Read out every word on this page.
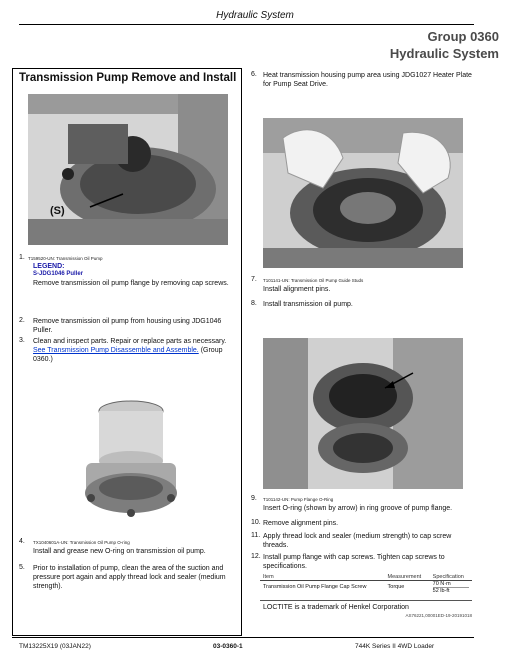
Hydraulic System
Group 0360
Hydraulic System
Transmission Pump Remove and Install
(S)
T159520-UN: Transmission Oil Pump
LEGEND:
S-JDG1046 Puller
1.
Remove transmission oil pump flange by removing cap screws.
2. Remove transmission oil pump from housing using JDG1046 Puller.
3. Clean and inspect parts. Repair or replace parts as necessary. See Transmission Pump Disassemble and Assemble. (Group 0360.)
TX1040601A-UN: Transmission Oil Pump O-ring
4.
Install and grease new O-ring on transmission oil pump.
5. Prior to installation of pump, clean the area of the suction and pressure port again and apply thread lock and sealer (medium strength).
6. Heat transmission housing pump area using JDG1027 Heater Plate for Pump Seat Drive.
T101141-UN: Transmission Oil Pump Guide Studs
7.
Install alignment pins.
8. Install transmission oil pump.
T101142-UN: Pump Flange O-Ring
9.
Insert O-ring (shown by arrow) in ring groove of pump flange.
10. Remove alignment pins.
11. Apply thread lock and sealer (medium strength) to cap screw threads.
12. Install pump flange with cap screws. Tighten cap screws to specifications.
Item	Measurement	Specification
Transmission Oil Pump Flange Cap Screw	Torque	70 N·m
52 lb-ft
LOCTITE is a trademark of Henkel Corporation
AS76221,00001ED-19-20191018
TM13225X19 (03JAN22)	03-0360-1	744K Series II 4WD Loader
